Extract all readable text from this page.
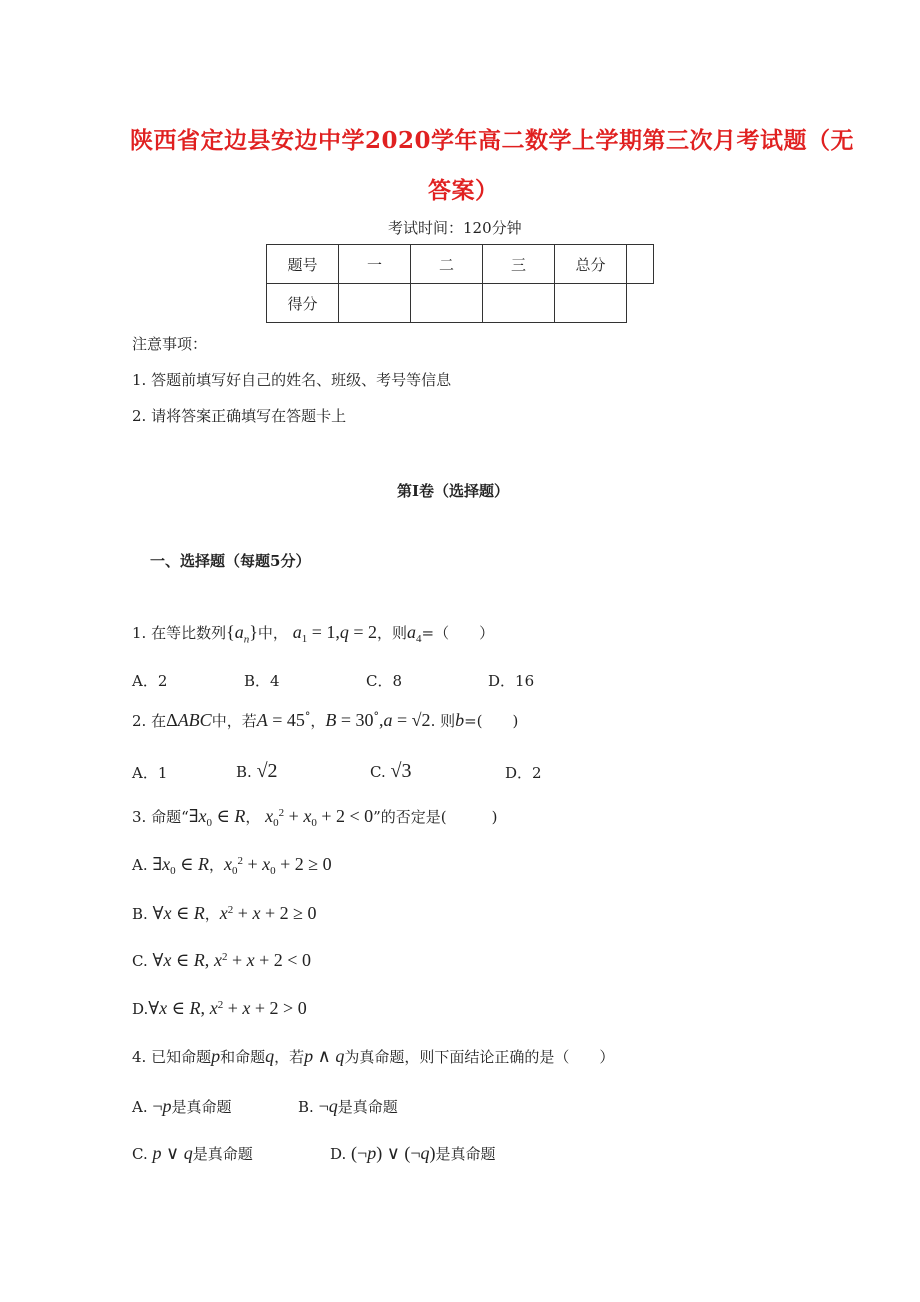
陕西省定边县安边中学2020学年高二数学上学期第三次月考试题（无
答案）
考试时间：120分钟
题号	一	二	三	总分	
得分					
注意事项：
1. 答题前填写好自己的姓名、班级、考号等信息
2. 请将答案正确填写在答题卡上
第I卷（选择题）
一、选择题（每题5分）
1. 在等比数列$\{a_n\}$中， $a_1 = 1,q = 2$，则$a_4=$（　　）
A．2	B．4	C．8	D．16
2. 在ΔABC中，若A = 45°，B = 30°,a = √2. 则b=(　　)
A．1	B. √2	C. √3	D．2
3. 命题“$\exists x_0$ ∈ R， $x_0^2 + x_0 + 2 < 0$”的否定是(　　　)
A. $\exists x_0$ ∈ R，$x_0^2 + x_0 + 2 \ge 0$
B. ∀x ∈ R，$x^2 + x + 2 \ge 0$
C. ∀x ∈ R, $x^2 + x + 2 < 0$
D.∀x ∈ R, $x^2 + x + 2 > 0$
4. 已知命题p和命题q，若p ∧ q为真命题，则下面结论正确的是（　　）
A. ¬p是真命题	B. ¬q是真命题
C. p ∨ q是真命题	D. (¬p) ∨ (¬q)是真命题
